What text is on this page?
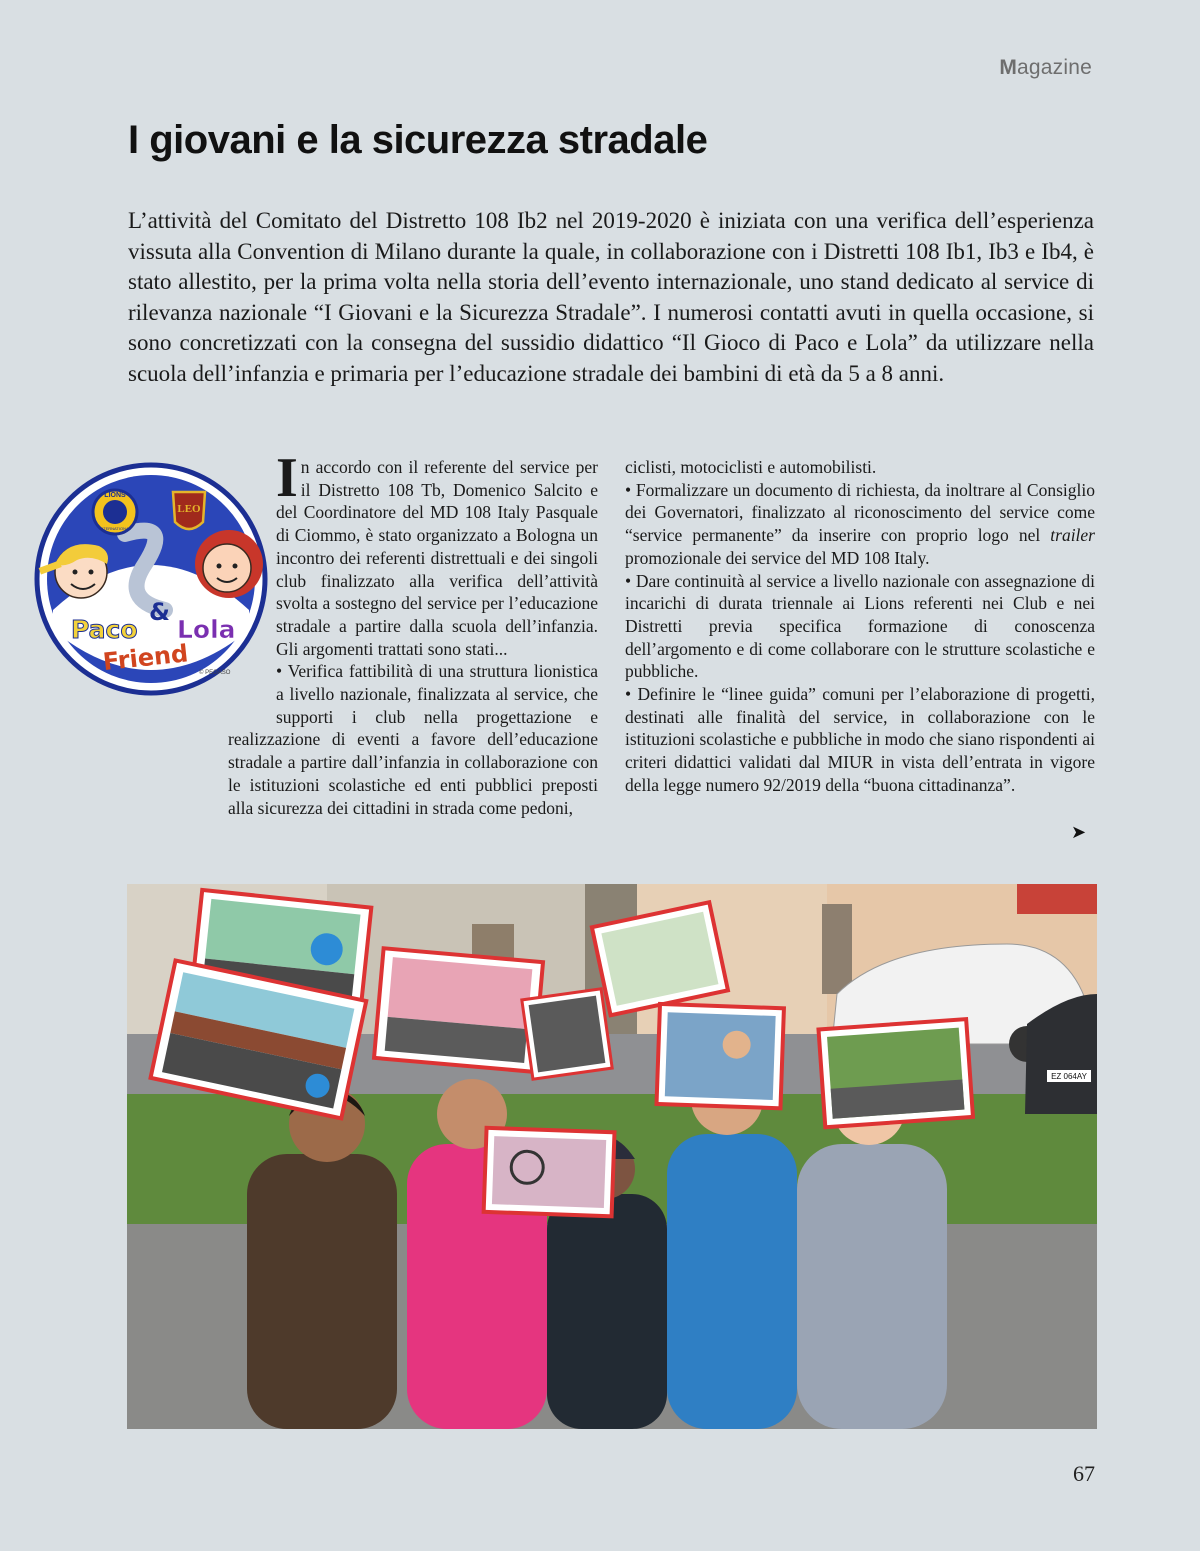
Magazine
I giovani e la sicurezza stradale

L’attività del Comitato del Distretto 108 Ib2 nel 2019-2020 è iniziata con una verifica dell’esperienza vissuta alla Convention di Milano durante la quale, in collaborazione con i Distretti 108 Ib1, Ib3 e Ib4, è stato allestito, per la prima volta nella storia dell’evento internazionale, uno stand dedicato al service di rilevanza nazionale “I Giovani e la Sicurezza Stradale”. I numerosi contatti avuti in quella occasione, si sono concretizzati con la consegna del sussidio didattico “Il Gioco di Paco e Lola” da utilizzare nella scuola dell’infanzia e primaria per l’educazione stradale dei bambini di età da 5 a 8 anni.

LIONS
INTERNATIONAL
LEO
Paco
&
Lola
Friend © PEGASO
I n accordo con il referente del service per il Distretto 108 Tb, Domenico Salcito e del Coordinatore del MD 108 Italy Pasquale di Ciommo, è stato organizzato a Bologna un incontro dei referenti distrettuali e dei singoli club finalizzato alla verifica dell’attività svolta a sostegno del service per l’educazione stradale a partire dalla scuola dell’infanzia. Gli argomenti trattati sono stati...

• Verifica fattibilità di una struttura lionistica a livello nazionale, finalizzata al service, che supporti i club nella progettazione e realizzazione di eventi a favore dell’educazione stradale a partire dall’infanzia in collaborazione con le istituzioni scolastiche ed enti pubblici preposti alla sicurezza dei cittadini in strada come pedoni,

ciclisti, motociclisti e automobilisti.

• Formalizzare un documento di richiesta, da inoltrare al Consiglio dei Governatori, finalizzato al riconoscimento del service come “service permanente” da inserire con proprio logo nel trailer promozionale dei service del MD 108 Italy.

• Dare continuità al service a livello nazionale con assegnazione di incarichi di durata triennale ai Lions referenti nei Club e nei Distretti previa specifica formazione di conoscenza dell’argomento e di come collaborare con le strutture scolastiche e pubbliche.

• Definire le “linee guida” comuni per l’elaborazione di progetti, destinati alle finalità del service, in collaborazione con le istituzioni scolastiche e pubbliche in modo che siano rispondenti ai criteri didattici validati dal MIUR in vista dell’entrata in vigore della legge numero 92/2019 della “buona cittadinanza”.

➤
EZ 064AY
67
